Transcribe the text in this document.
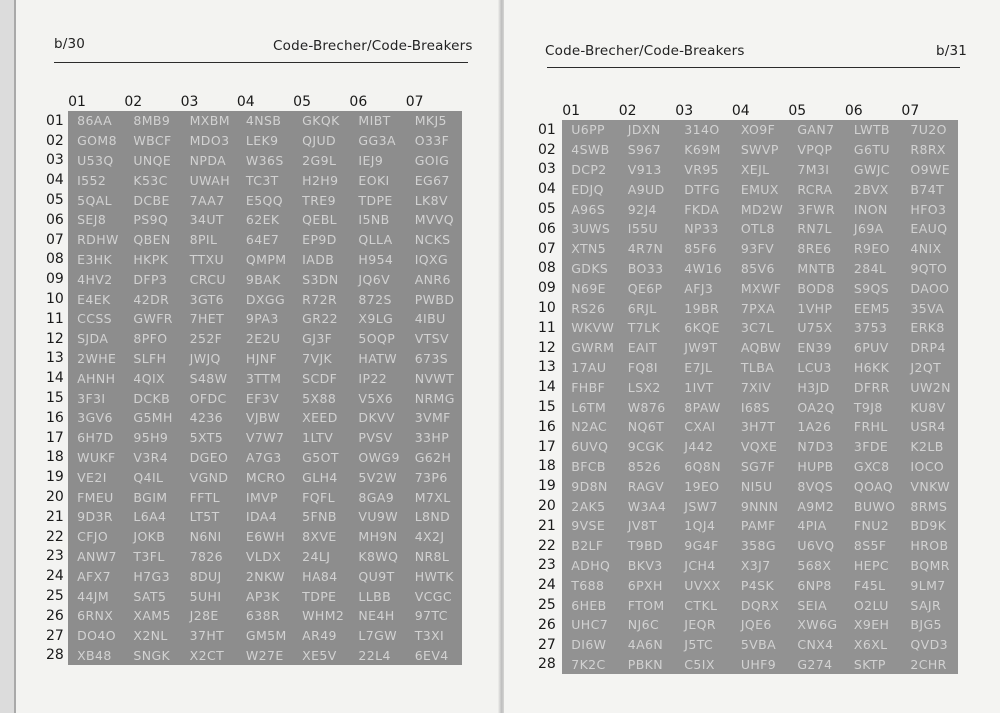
b/30	Code-Brecher/Code-Breakers
	01	02	03	04	05	06	07
01	86AA	8MB9	MXBM	4NSB	GKQK	MIBT	MKJ5
02	GOM8	WBCF	MDO3	LEK9	QJUD	GG3A	O33F
03	U53Q	UNQE	NPDA	W36S	2G9L	IEJ9	GOIG
04	I552	K53C	UWAH	TC3T	H2H9	EOKI	EG67
05	5QAL	DCBE	7AA7	E5QQ	TRE9	TDPE	LK8V
06	SEJ8	PS9Q	34UT	62EK	QEBL	I5NB	MVVQ
07	RDHW	QBEN	8PIL	64E7	EP9D	QLLA	NCKS
08	E3HK	HKPK	TTXU	QMPM	IADB	H954	IQXG
09	4HV2	DFP3	CRCU	9BAK	S3DN	JQ6V	ANR6
10	E4EK	42DR	3GT6	DXGG	R72R	872S	PWBD
11	CCSS	GWFR	7HET	9PA3	GR22	X9LG	4IBU
12	SJDA	8PFO	252F	2E2U	GJ3F	5OQP	VTSV
13	2WHE	SLFH	JWJQ	HJNF	7VJK	HATW	673S
14	AHNH	4QIX	S48W	3TTM	SCDF	IP22	NVWT
15	3F3I	DCKB	OFDC	EF3V	5X88	V5X6	NRMG
16	3GV6	G5MH	4236	VJBW	XEED	DKVV	3VMF
17	6H7D	95H9	5XT5	V7W7	1LTV	PVSV	33HP
18	WUKF	V3R4	DGEO	A7G3	G5OT	OWG9	G62H
19	VE2I	Q4IL	VGND	MCRO	GLH4	5V2W	73P6
20	FMEU	BGIM	FFTL	IMVP	FQFL	8GA9	M7XL
21	9D3R	L6A4	LT5T	IDA4	5FNB	VU9W	L8ND
22	CFJO	JOKB	N6NI	E6WH	8XVE	MH9N	4X2J
23	ANW7	T3FL	7826	VLDX	24LJ	K8WQ	NR8L
24	AFX7	H7G3	8DUJ	2NKW	HA84	QU9T	HWTK
25	44JM	SAT5	5UHI	AP3K	TDPE	LLBB	VCGC
26	6RNX	XAM5	J28E	638R	WHM2	NE4H	97TC
27	DO4O	X2NL	37HT	GM5M	AR49	L7GW	T3XI
28	XB48	SNGK	X2CT	W27E	XE5V	22L4	6EV4
Code-Brecher/Code-Breakers	b/31
	01	02	03	04	05	06	07
01	U6PP	JDXN	314O	XO9F	GAN7	LWTB	7U2O
02	4SWB	S967	K69M	SWVP	VPQP	G6TU	R8RX
03	DCP2	V913	VR95	XEJL	7M3I	GWJC	O9WE
04	EDJQ	A9UD	DTFG	EMUX	RCRA	2BVX	B74T
05	A96S	92J4	FKDA	MD2W	3FWR	INON	HFO3
06	3UWS	I55U	NP33	OTL8	RN7L	J69A	EAUQ
07	XTN5	4R7N	85F6	93FV	8RE6	R9EO	4NIX
08	GDKS	BO33	4W16	85V6	MNTB	284L	9QTO
09	N69E	QE6P	AFJ3	MXWF	BOD8	S9QS	DAOO
10	RS26	6RJL	19BR	7PXA	1VHP	EEM5	35VA
11	WKVW	T7LK	6KQE	3C7L	U75X	3753	ERK8
12	GWRM	EAIT	JW9T	AQBW	EN39	6PUV	DRP4
13	17AU	FQ8I	E7JL	TLBA	LCU3	H6KK	J2QT
14	FHBF	LSX2	1IVT	7XIV	H3JD	DFRR	UW2N
15	L6TM	W876	8PAW	I68S	OA2Q	T9J8	KU8V
16	N2AC	NQ6T	CXAI	3H7T	1A26	FRHL	USR4
17	6UVQ	9CGK	J442	VQXE	N7D3	3FDE	K2LB
18	BFCB	8526	6Q8N	SG7F	HUPB	GXC8	IOCO
19	9D8N	RAGV	19EO	NI5U	8VQS	QOAQ	VNKW
20	2AK5	W3A4	JSW7	9NNN	A9M2	BUWO	8RMS
21	9VSE	JV8T	1QJ4	PAMF	4PIA	FNU2	BD9K
22	B2LF	T9BD	9G4F	358G	U6VQ	8S5F	HROB
23	ADHQ	BKV3	JCH4	X3J7	568X	HEPC	BQMR
24	T688	6PXH	UVXX	P4SK	6NP8	F45L	9LM7
25	6HEB	FTOM	CTKL	DQRX	SEIA	O2LU	SAJR
26	UHC7	NJ6C	JEQR	JQE6	XW6G	X9EH	BJG5
27	DI6W	4A6N	J5TC	5VBA	CNX4	X6XL	QVD3
28	7K2C	PBKN	C5IX	UHF9	G274	SKTP	2CHR
